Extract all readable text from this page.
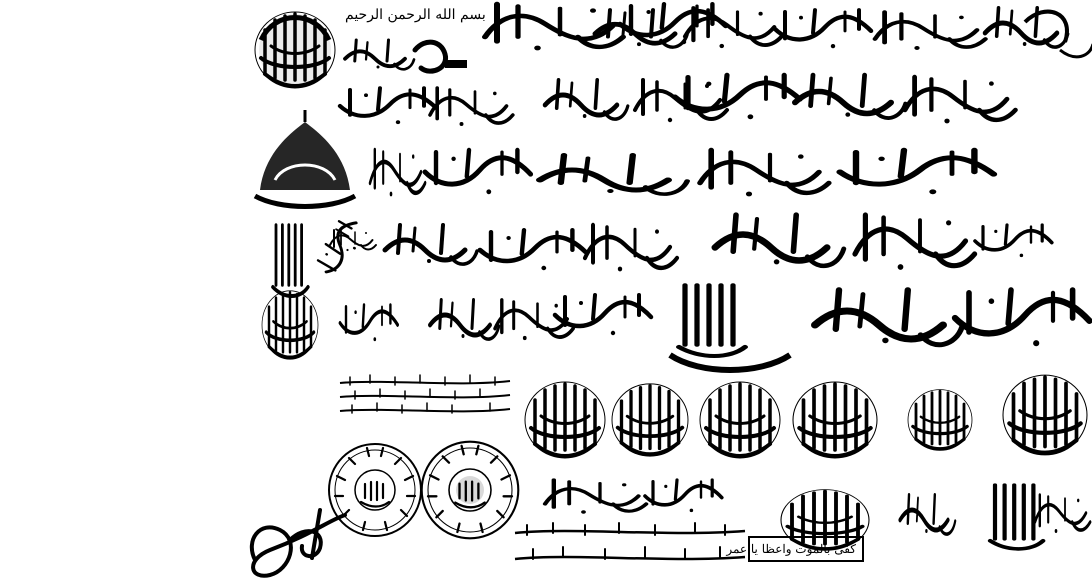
بسم الله الرحمن الرحيم
كفى بالموت واعظا يا عمر
